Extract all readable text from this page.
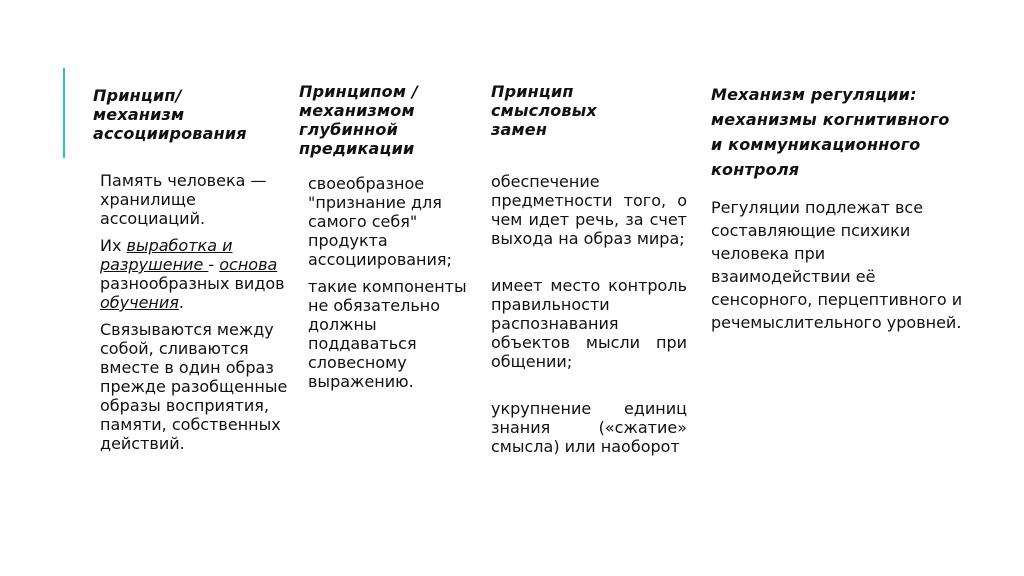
Принцип/ механизм ассоциирования

Память человека — хранилище ассоциаций.

Их выработка и разрушение - основа разнообразных видов обучения.

Связываются между собой, сливаются вместе в один образ прежде разобщенные образы восприятия, памяти, собственных действий.

Принципом /механизмом глубинной предикации

своеобразное "признание для самого себя" продукта ассоциирования;

такие компоненты не обязательно должны поддаваться словесному выражению.

Принцип смысловых замен

обеспечение предметности того, о чем идет речь, за счет выхода на образ мира;

имеет место контроль правильности распознавания объектов мысли при общении;

укрупнение единиц знания («сжатие» смысла) или наоборот

Механизм регуляции: механизмы когнитивного и коммуникационного контроля

Регуляции подлежат все составляющие психики человека при взаимодействии её сенсорного, перцептивного и речемыслительного уровней.
